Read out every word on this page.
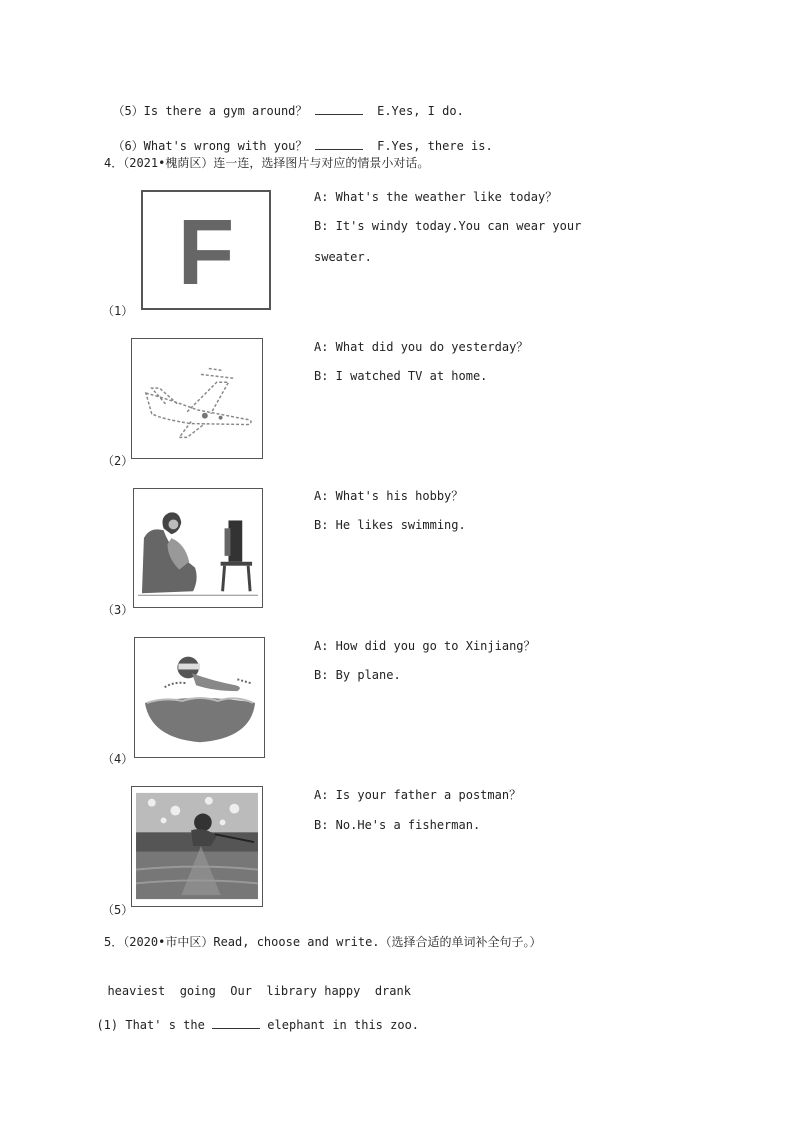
（5）Is there a gym around？	E.Yes, I do.

（6）What's wrong with you？	F.Yes, there is.

4．（2021•槐荫区）连一连，选择图片与对应的情景小对话。
F
（1）
A: What's the weather like today？
B: It's windy today.You can wear your
sweater.
（2）
A: What did you do yesterday？
B: I watched TV at home.
（3）
A: What's his hobby？
B: He likes swimming.
（4）
A: How did you go to Xinjiang？
B: By plane.
（5）
A: Is your father a postman？
B: No.He's a fisherman.
5．（2020•市中区）Read, choose and write.（选择合适的单词补全句子。）

heaviest going Our library happy drank

(1) That' s the	elephant in this zoo.
